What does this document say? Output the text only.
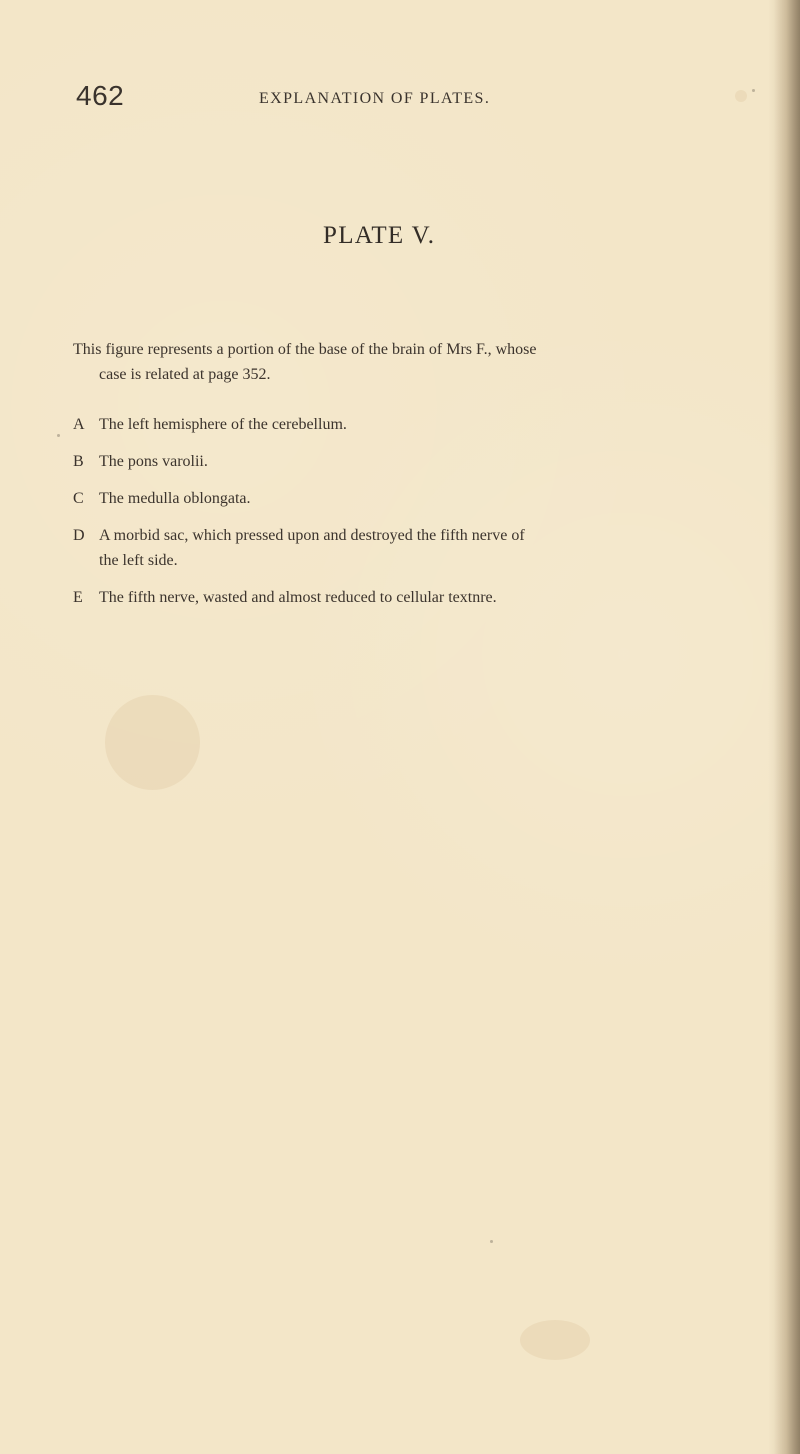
462	EXPLANATION OF PLATES.
PLATE V.
This figure represents a portion of the base of the brain of Mrs F., whose
case is related at page 352.
A The left hemisphere of the cerebellum.
B The pons varolii.
C The medulla oblongata.
D A morbid sac, which pressed upon and destroyed the fifth nerve of
the left side.
E	The fifth nerve, wasted and almost reduced to cellular textnre.
